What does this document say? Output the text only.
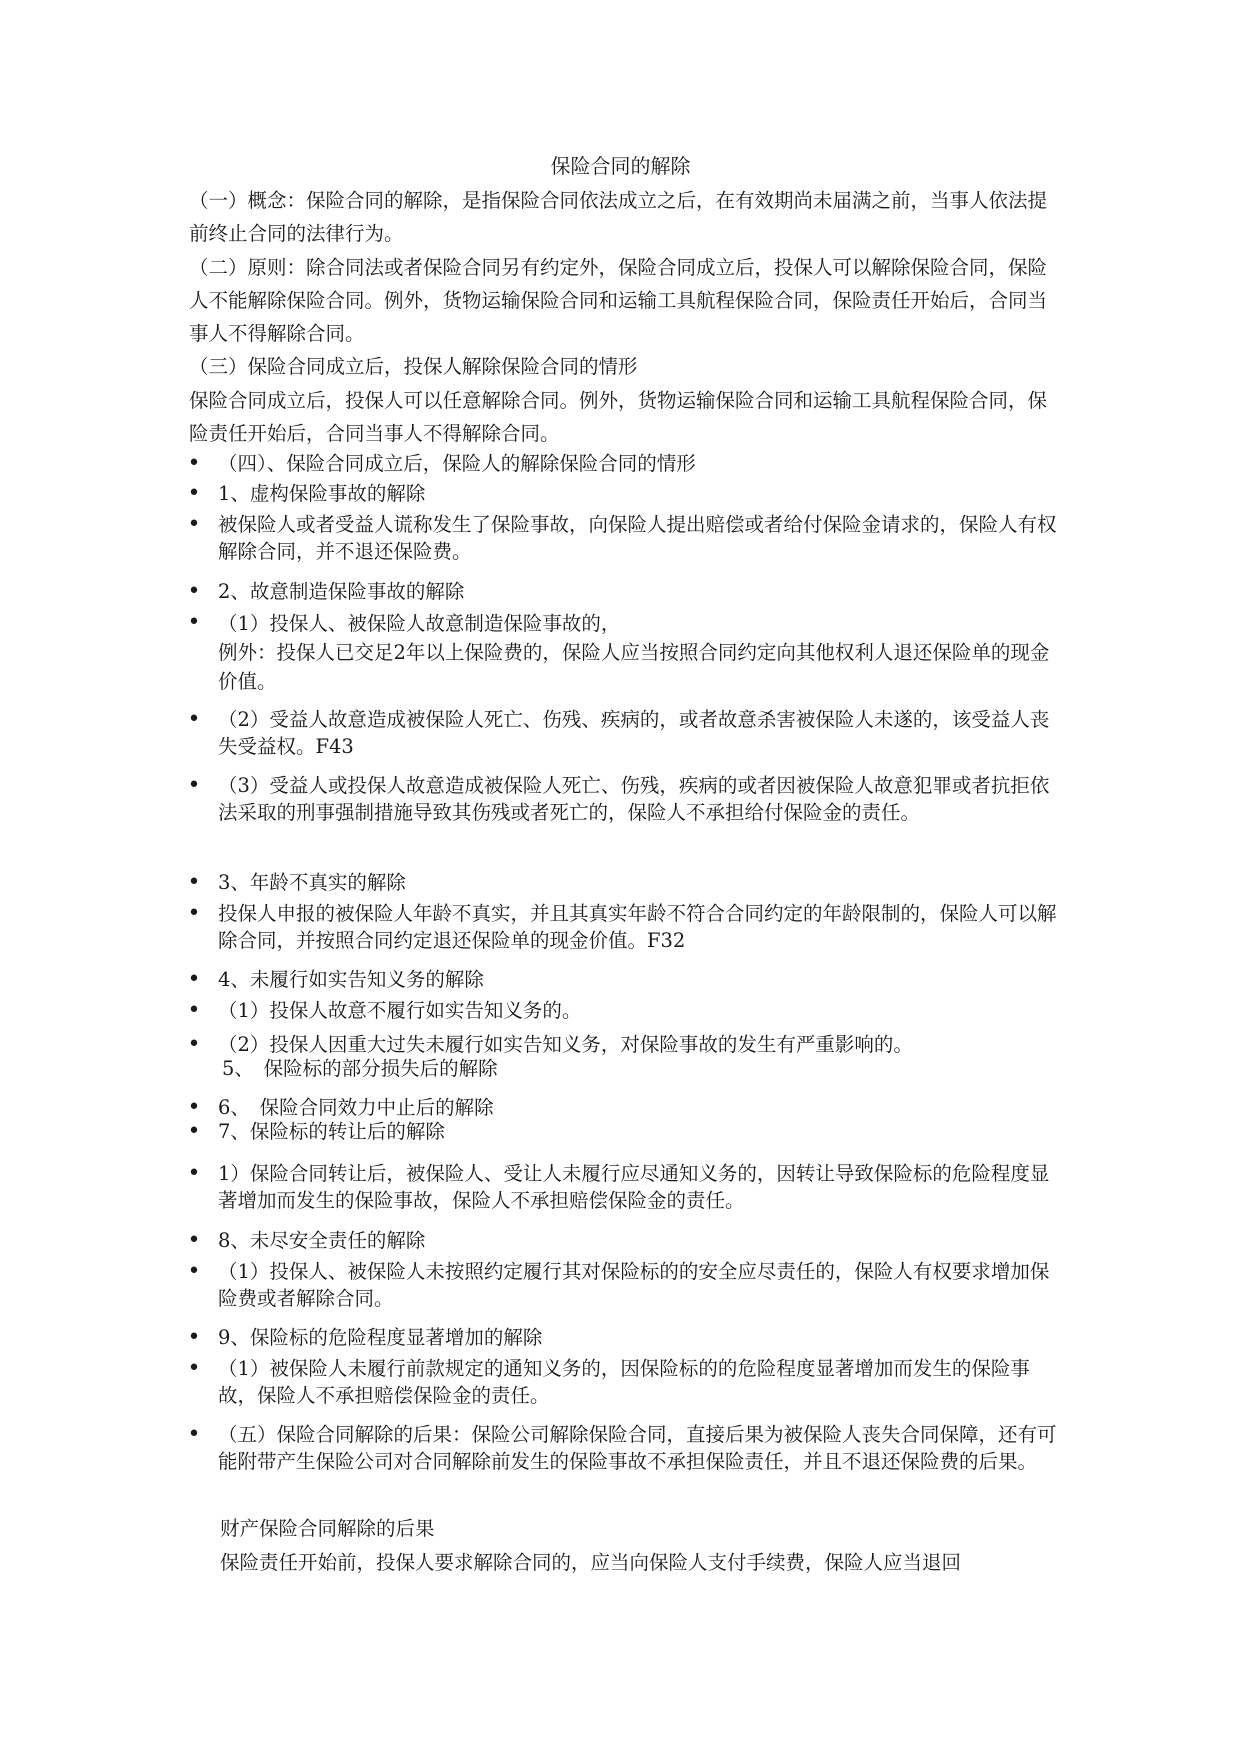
保险合同的解除
（一）概念：保险合同的解除，是指保险合同依法成立之后，在有效期尚未届满之前，当事人依法提前终止合同的法律行为。
（二）原则：除合同法或者保险合同另有约定外，保险合同成立后，投保人可以解除保险合同，保险人不能解除保险合同。例外，货物运输保险合同和运输工具航程保险合同，保险责任开始后，合同当事人不得解除合同。
（三）保险合同成立后，投保人解除保险合同的情形
保险合同成立后，投保人可以任意解除合同。例外，货物运输保险合同和运输工具航程保险合同，保险责任开始后，合同当事人不得解除合同。
• （四）、保险合同成立后，保险人的解除保险合同的情形
• 1、虚构保险事故的解除
• 被保险人或者受益人谎称发生了保险事故，向保险人提出赔偿或者给付保险金请求的，保险人有权解除合同，并不退还保险费。
• 2、故意制造保险事故的解除
• （1）投保人、被保险人故意制造保险事故的，
例外：投保人已交足2年以上保险费的，保险人应当按照合同约定向其他权利人退还保险单的现金价值。
• （2）受益人故意造成被保险人死亡、伤残、疾病的，或者故意杀害被保险人未遂的，该受益人丧失受益权。F43
• （3）受益人或投保人故意造成被保险人死亡、伤残，疾病的或者因被保险人故意犯罪或者抗拒依法采取的刑事强制措施导致其伤残或者死亡的，保险人不承担给付保险金的责任。
• 3、年龄不真实的解除
• 投保人申报的被保险人年龄不真实，并且其真实年龄不符合合同约定的年龄限制的，保险人可以解除合同，并按照合同约定退还保险单的现金价值。F32
• 4、未履行如实告知义务的解除
• （1）投保人故意不履行如实告知义务的。
• （2）投保人因重大过失未履行如实告知义务，对保险事故的发生有严重影响的。
5、　保险标的部分损失后的解除
• 6、　保险合同效力中止后的解除
• 7、保险标的转让后的解除
• 1）保险合同转让后，被保险人、受让人未履行应尽通知义务的，因转让导致保险标的危险程度显著增加而发生的保险事故，保险人不承担赔偿保险金的责任。
• 8、未尽安全责任的解除
• （1）投保人、被保险人未按照约定履行其对保险标的的安全应尽责任的，保险人有权要求增加保险费或者解除合同。
• 9、保险标的危险程度显著增加的解除
• （1）被保险人未履行前款规定的通知义务的，因保险标的的危险程度显著增加而发生的保险事故，保险人不承担赔偿保险金的责任。
• （五）保险合同解除的后果：保险公司解除保险合同，直接后果为被保险人丧失合同保障，还有可能附带产生保险公司对合同解除前发生的保险事故不承担保险责任，并且不退还保险费的后果。
财产保险合同解除的后果
保险责任开始前，投保人要求解除合同的，应当向保险人支付手续费，保险人应当退回
